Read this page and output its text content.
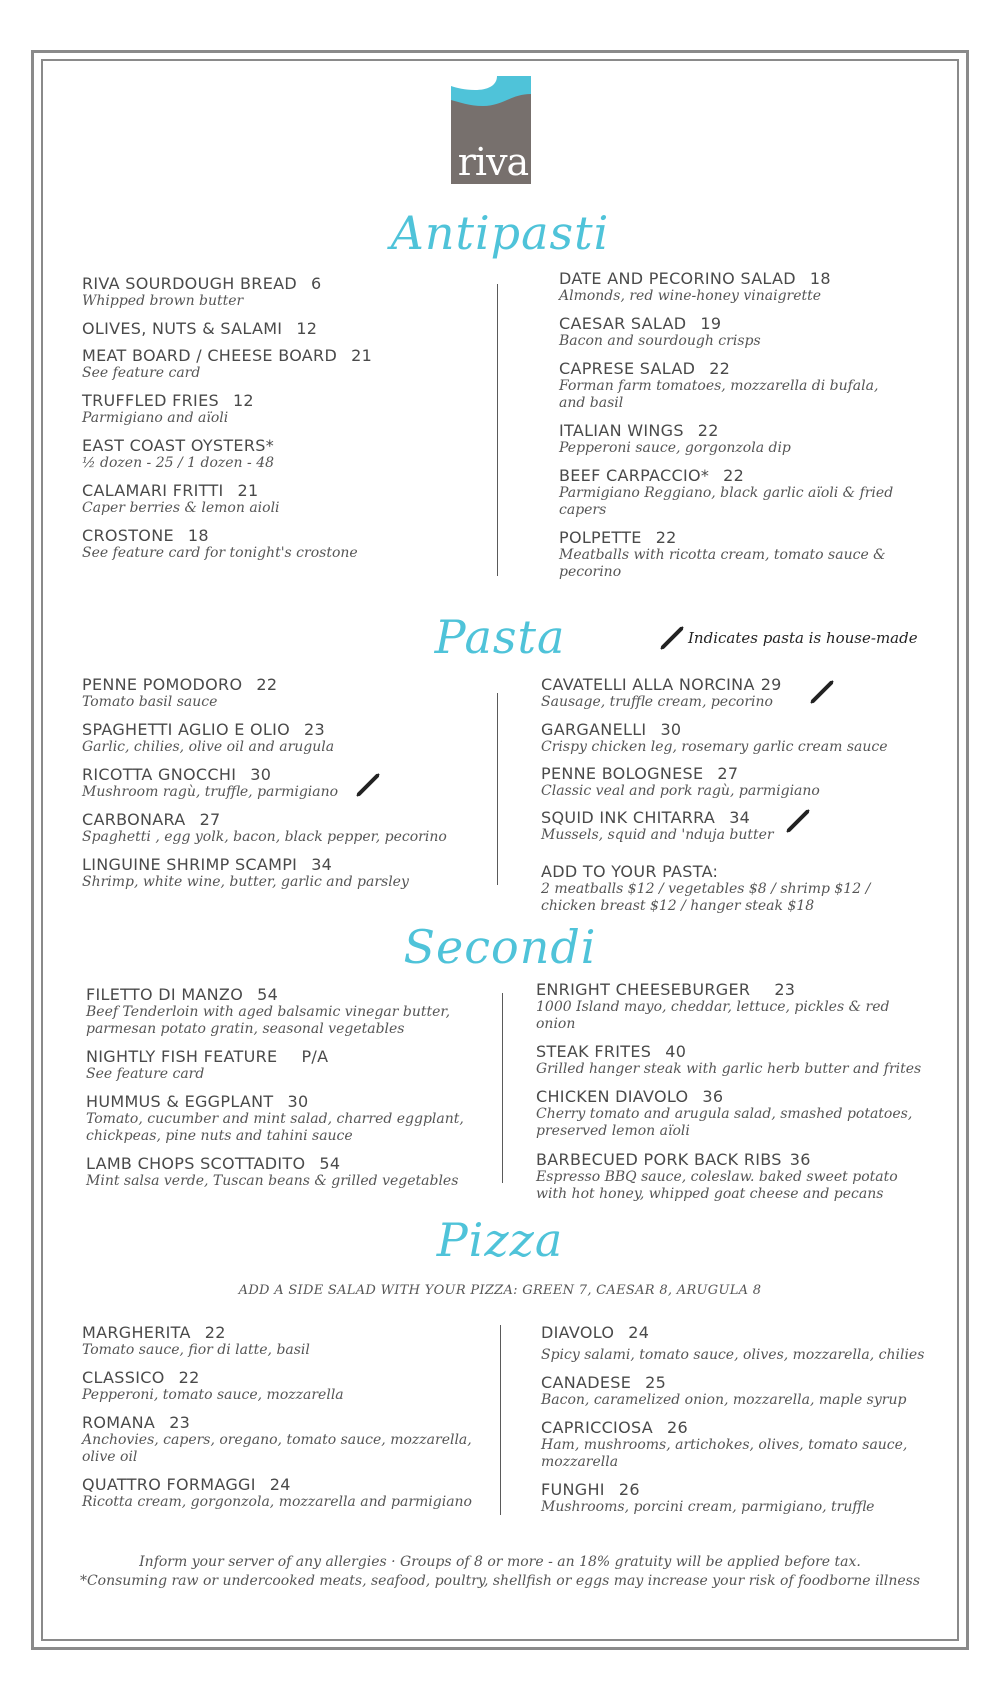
riva
Antipasti
RIVA SOURDOUGH BREAD 6
Whipped brown butter
OLIVES, NUTS & SALAMI 12
MEAT BOARD / CHEESE BOARD 21
See feature card
TRUFFLED FRIES 12
Parmigiano and aïoli
EAST COAST OYSTERS*
½ dozen - 25 / 1 dozen - 48
CALAMARI FRITTI 21
Caper berries & lemon aioli
CROSTONE 18
See feature card for tonight's crostone
DATE AND PECORINO SALAD 18
Almonds, red wine-honey vinaigrette
CAESAR SALAD 19
Bacon and sourdough crisps
CAPRESE SALAD 22
Forman farm tomatoes, mozzarella di bufala, and basil
ITALIAN WINGS 22
Pepperoni sauce, gorgonzola dip
BEEF CARPACCIO* 22
Parmigiano Reggiano, black garlic aïoli & fried capers
POLPETTE 22
Meatballs with ricotta cream, tomato sauce & pecorino
Pasta	Indicates pasta is house-made
PENNE POMODORO 22
Tomato basil sauce
SPAGHETTI AGLIO E OLIO 23
Garlic, chilies, olive oil and arugula
RICOTTA GNOCCHI 30
Mushroom ragù, truffle, parmigiano
CARBONARA 27
Spaghetti , egg yolk, bacon, black pepper, pecorino
LINGUINE SHRIMP SCAMPI 34
Shrimp, white wine, butter, garlic and parsley
CAVATELLI ALLA NORCINA 29
Sausage, truffle cream, pecorino
GARGANELLI 30
Crispy chicken leg, rosemary garlic cream sauce
PENNE BOLOGNESE 27
Classic veal and pork ragù, parmigiano
SQUID INK CHITARRA 34
Mussels, squid and 'nduja butter
ADD TO YOUR PASTA:
2 meatballs $12 / vegetables $8 / shrimp $12 / chicken breast $12 / hanger steak $18
Secondi
FILETTO DI MANZO 54
Beef Tenderloin with aged balsamic vinegar butter, parmesan potato gratin, seasonal vegetables
NIGHTLY FISH FEATURE P/A
See feature card
HUMMUS & EGGPLANT 30
Tomato, cucumber and mint salad, charred eggplant, chickpeas, pine nuts and tahini sauce
LAMB CHOPS SCOTTADITO 54
Mint salsa verde, Tuscan beans & grilled vegetables
ENRIGHT CHEESEBURGER 23
1000 Island mayo, cheddar, lettuce, pickles & red onion
STEAK FRITES 40
Grilled hanger steak with garlic herb butter and frites
CHICKEN DIAVOLO 36
Cherry tomato and arugula salad, smashed potatoes, preserved lemon aïoli
BARBECUED PORK BACK RIBS 36
Espresso BBQ sauce, coleslaw. baked sweet potato with hot honey, whipped goat cheese and pecans
Pizza
ADD A SIDE SALAD WITH YOUR PIZZA: GREEN 7, CAESAR 8, ARUGULA 8
MARGHERITA 22
Tomato sauce, fior di latte, basil
CLASSICO 22
Pepperoni, tomato sauce, mozzarella
ROMANA 23
Anchovies, capers, oregano, tomato sauce, mozzarella, olive oil
QUATTRO FORMAGGI 24
Ricotta cream, gorgonzola, mozzarella and parmigiano
DIAVOLO 24
Spicy salami, tomato sauce, olives, mozzarella, chilies
CANADESE 25
Bacon, caramelized onion, mozzarella, maple syrup
CAPRICCIOSA 26
Ham, mushrooms, artichokes, olives, tomato sauce, mozzarella
FUNGHI 26
Mushrooms, porcini cream, parmigiano, truffle
Inform your server of any allergies · Groups of 8 or more - an 18% gratuity will be applied before tax.
*Consuming raw or undercooked meats, seafood, poultry, shellfish or eggs may increase your risk of foodborne illness
